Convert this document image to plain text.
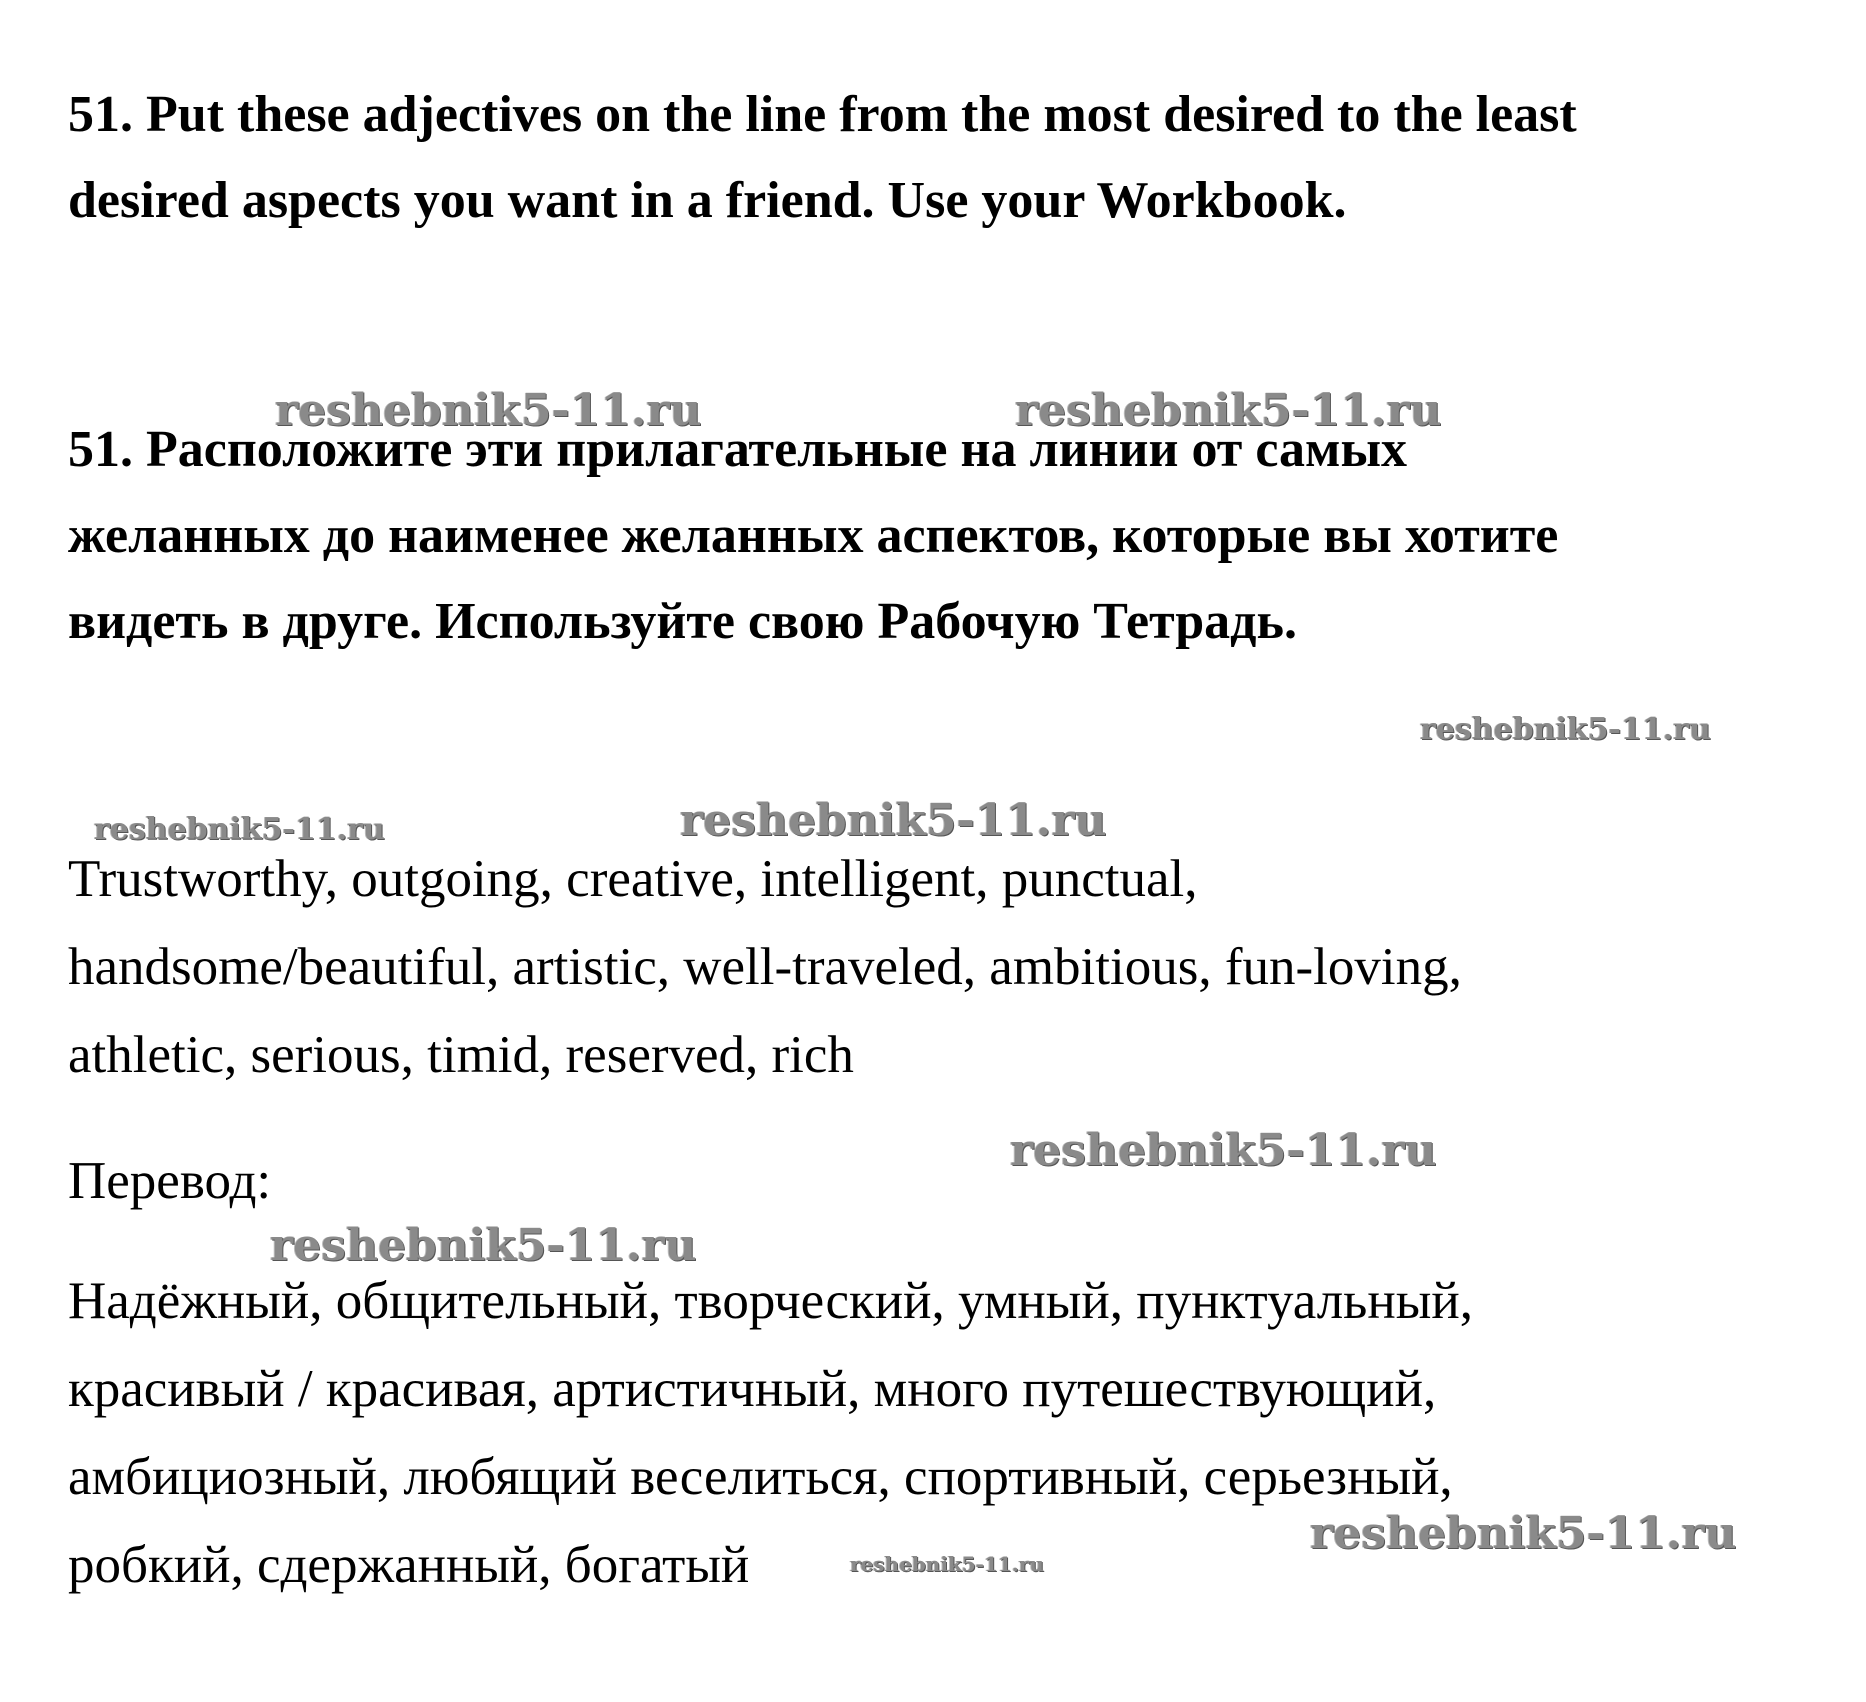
51. Put these adjectives on the line from the most desired to the least
desired aspects you want in a friend. Use your Workbook.
51. Расположите эти прилагательные на линии от самых
желанных до наименее желанных аспектов, которые вы хотите
видеть в друге. Используйте свою Рабочую Тетрадь.
Trustworthy, outgoing, creative, intelligent, punctual,
handsome/beautiful, artistic, well-traveled, ambitious, fun-loving,
athletic, serious, timid, reserved, rich
Перевод:
Надёжный, общительный, творческий, умный, пунктуальный,
красивый / красивая, артистичный, много путешествующий,
амбициозный, любящий веселиться, спортивный, серьезный,
робкий, сдержанный, богатый
reshebnik5-11.ru	reshebnik5-11.ru
reshebnik5-11.ru
reshebnik5-11.ru	reshebnik5-11.ru
reshebnik5-11.ru
reshebnik5-11.ru
reshebnik5-11.ru
reshebnik5-11.ru
